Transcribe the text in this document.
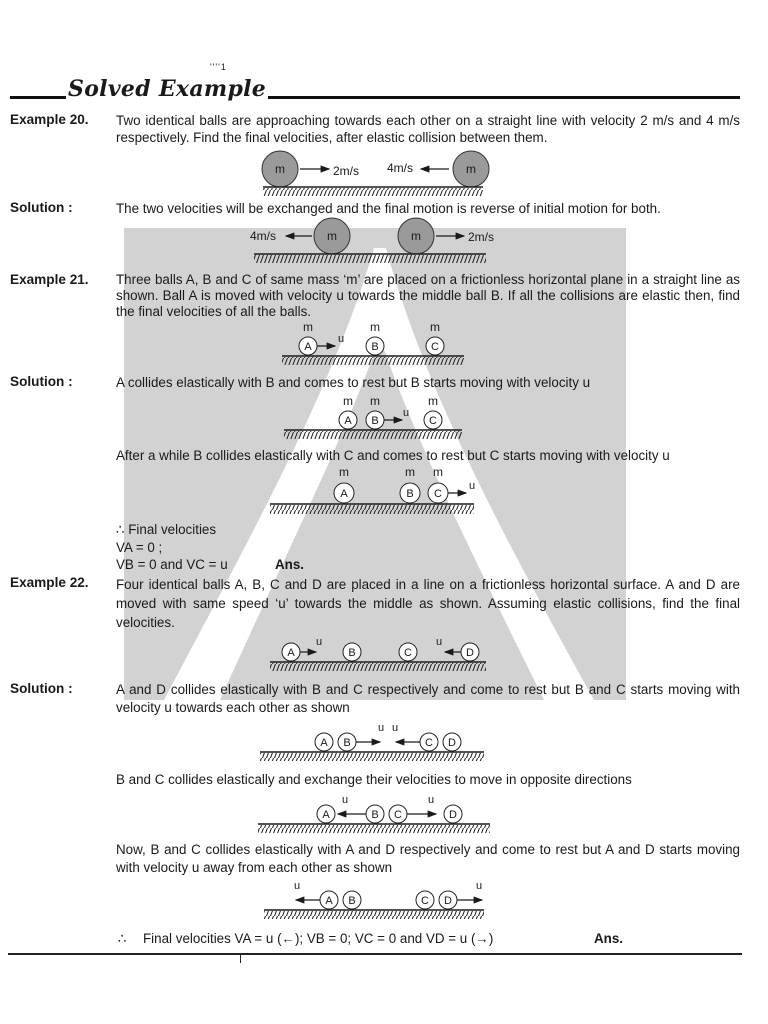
''''1
Solved Example
Example 20. Two identical balls are approaching towards each other on a straight line with velocity 2 m/s and 4 m/s respectively. Find the final velocities, after elastic collision between them.
m	2m/s 4m/s	m
Solution :	The two velocities will be exchanged and the final motion is reverse of initial motion for both.
4m/s	m	m	2m/s
Example 21. Three balls A, B and C of same mass ‘m’ are placed on a frictionless horizontal plane in a straight line as shown. Ball A is moved with velocity u towards the middle ball B. If all the collisions are elastic then, find the final velocities of all the balls.
m	m	m
A
u
B	C
Solution :	A collides elastically with B and comes to rest but B starts moving with velocity u
m m	m
A B
u
C
After a while B collides elastically with C and comes to rest but C starts moving with velocity u
m	m m
A	B C
u
∴ Final velocities
VA = 0 ;
VB = 0 and VC = u	Ans.
Example 22. Four identical balls A, B, C and D are placed in a line on a frictionless horizontal surface. A and D are moved with same speed ‘u’ towards the middle as shown. Assuming elastic collisions, find the final velocities.
A
u
B	C
u
D
Solution :	A and D collides elastically with B and C respectively and come to rest but B and C starts moving with velocity u towards each other as shown
A B
u u
C D
B and C collides elastically and exchange their velocities to move in opposite directions
A
u
B C
u
D
Now, B and C collides elastically with A and D respectively and come to rest but A and D starts moving with velocity u away from each other as shown
u
A B	C D
u
∴ Final velocities VA = u (←); VB = 0; VC = 0 and VD = u (→)	Ans.
